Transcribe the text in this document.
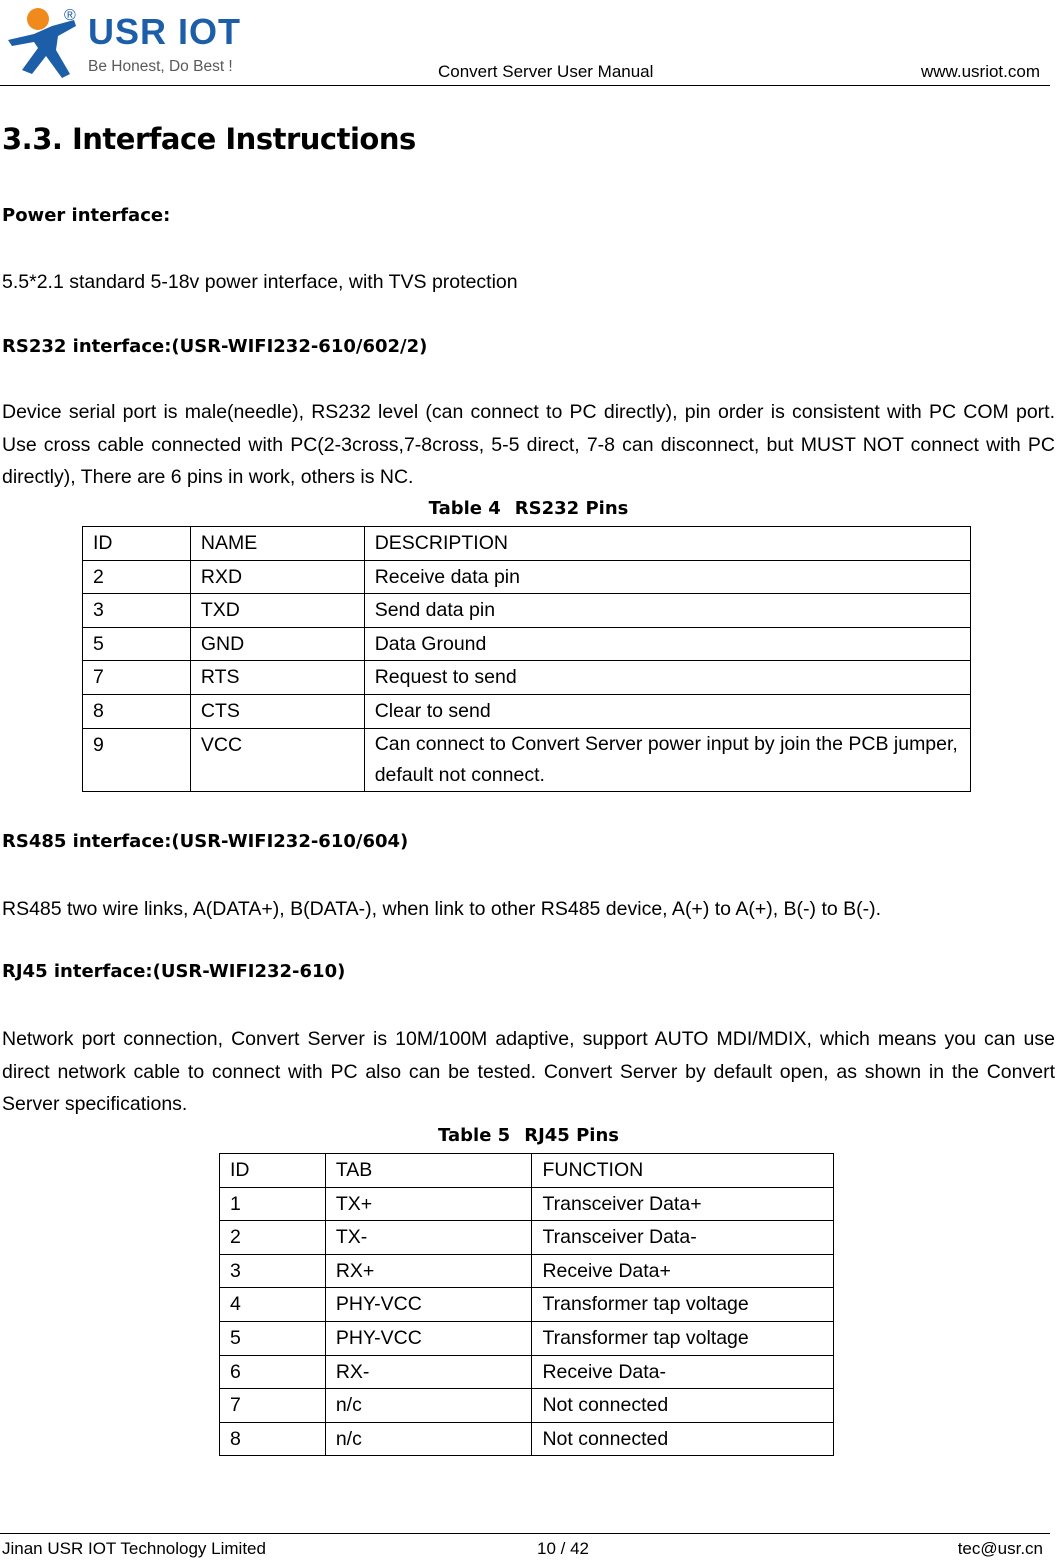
® USR IOT
Be Honest, Do Best !	Convert Server User Manual	www.usriot.com
3.3. Interface Instructions
Power interface:

5.5*2.1 standard 5-18v power interface, with TVS protection

RS232 interface:(USR-WIFI232-610/602/2)

Device serial port is male(needle), RS232 level (can connect to PC directly), pin order is consistent with PC COM port. Use cross cable connected with PC(2-3cross,7-8cross, 5-5 direct, 7-8 can disconnect, but MUST NOT connect with PC directly), There are 6 pins in work, others is NC.

Table 4 RS232 Pins
ID	NAME	DESCRIPTION
2	RXD	Receive data pin
3	TXD	Send data pin
5	GND	Data Ground
7	RTS	Request to send
8	CTS	Clear to send
9	VCC	Can connect to Convert Server power input by join the PCB jumper, default not connect.
RS485 interface:(USR-WIFI232-610/604)

RS485 two wire links, A(DATA+), B(DATA-), when link to other RS485 device, A(+) to A(+), B(-) to B(-).

RJ45 interface:(USR-WIFI232-610)

Network port connection, Convert Server is 10M/100M adaptive, support AUTO MDI/MDIX, which means you can use direct network cable to connect with PC also can be tested. Convert Server by default open, as shown in the Convert Server specifications.

Table 5 RJ45 Pins
ID	TAB	FUNCTION
1	TX+	Transceiver Data+
2	TX-	Transceiver Data-
3	RX+	Receive Data+
4	PHY-VCC	Transformer tap voltage
5	PHY-VCC	Transformer tap voltage
6	RX-	Receive Data-
7	n/c	Not connected
8	n/c	Not connected
Jinan USR IOT Technology Limited	10 / 42	tec@usr.cn
